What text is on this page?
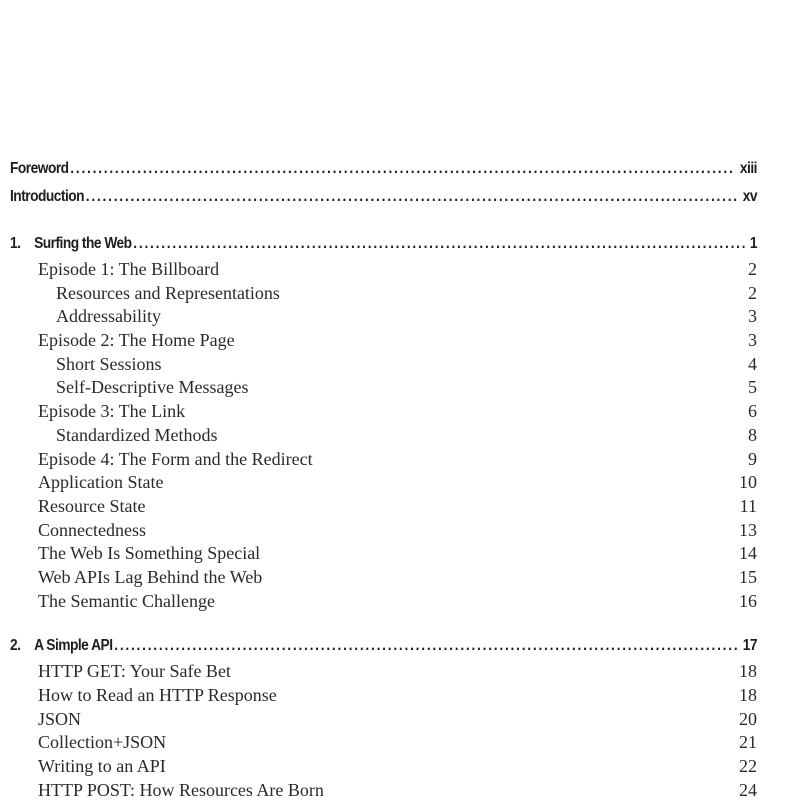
Foreword . . .	xiii
Introduction . . .	xv
1. Surfing the Web . . .	1
Episode 1: The Billboard	2
Resources and Representations	2
Addressability	3
Episode 2: The Home Page	3
Short Sessions	4
Self-Descriptive Messages	5
Episode 3: The Link	6
Standardized Methods	8
Episode 4: The Form and the Redirect	9
Application State	10
Resource State	11
Connectedness	13
The Web Is Something Special	14
Web APIs Lag Behind the Web	15
The Semantic Challenge	16
2. A Simple API . . .	17
HTTP GET: Your Safe Bet	18
How to Read an HTTP Response	18
JSON	20
Collection+JSON	21
Writing to an API	22
HTTP POST: How Resources Are Born	24
